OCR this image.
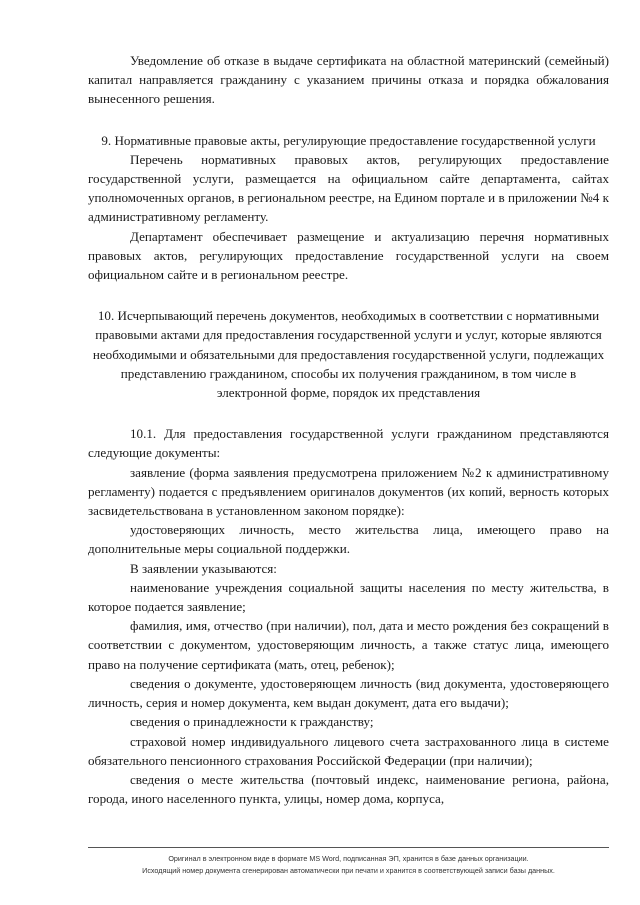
Уведомление об отказе в выдаче сертификата на областной материнский (семейный) капитал направляется гражданину с указанием причины отказа и порядка обжалования вынесенного решения.

9. Нормативные правовые акты, регулирующие предоставление государственной услуги

Перечень нормативных правовых актов, регулирующих предоставление государственной услуги, размещается на официальном сайте департамента, сайтах уполномоченных органов, в региональном реестре, на Едином портале и в приложении №4 к административному регламенту.

Департамент обеспечивает размещение и актуализацию перечня нормативных правовых актов, регулирующих предоставление государственной услуги на своем официальном сайте и в региональном реестре.

10. Исчерпывающий перечень документов, необходимых в соответствии с нормативными правовыми актами для предоставления государственной услуги и услуг, которые являются необходимыми и обязательными для предоставления государственной услуги, подлежащих представлению гражданином, способы их получения гражданином, в том числе в электронной форме, порядок их представления

10.1. Для предоставления государственной услуги гражданином представляются следующие документы:

заявление (форма заявления предусмотрена приложением №2 к административному регламенту) подается с предъявлением оригиналов документов (их копий, верность которых засвидетельствована в установленном законом порядке):

удостоверяющих личность, место жительства лица, имеющего право на дополнительные меры социальной поддержки.

В заявлении указываются:

наименование учреждения социальной защиты населения по месту жительства, в которое подается заявление;

фамилия, имя, отчество (при наличии), пол, дата и место рождения без сокращений в соответствии с документом, удостоверяющим личность, а также статус лица, имеющего право на получение сертификата (мать, отец, ребенок);

сведения о документе, удостоверяющем личность (вид документа, удостоверяющего личность, серия и номер документа, кем выдан документ, дата его выдачи);

сведения о принадлежности к гражданству;

страховой номер индивидуального лицевого счета застрахованного лица в системе обязательного пенсионного страхования Российской Федерации (при наличии);

сведения о месте жительства (почтовый индекс, наименование региона, района, города, иного населенного пункта, улицы, номер дома, корпуса,

Оригинал в электронном виде в формате MS Word, подписанная ЭП, хранится в базе данных организации.
Исходящий номер документа сгенерирован автоматически при печати и хранится в соответствующей записи базы данных.
